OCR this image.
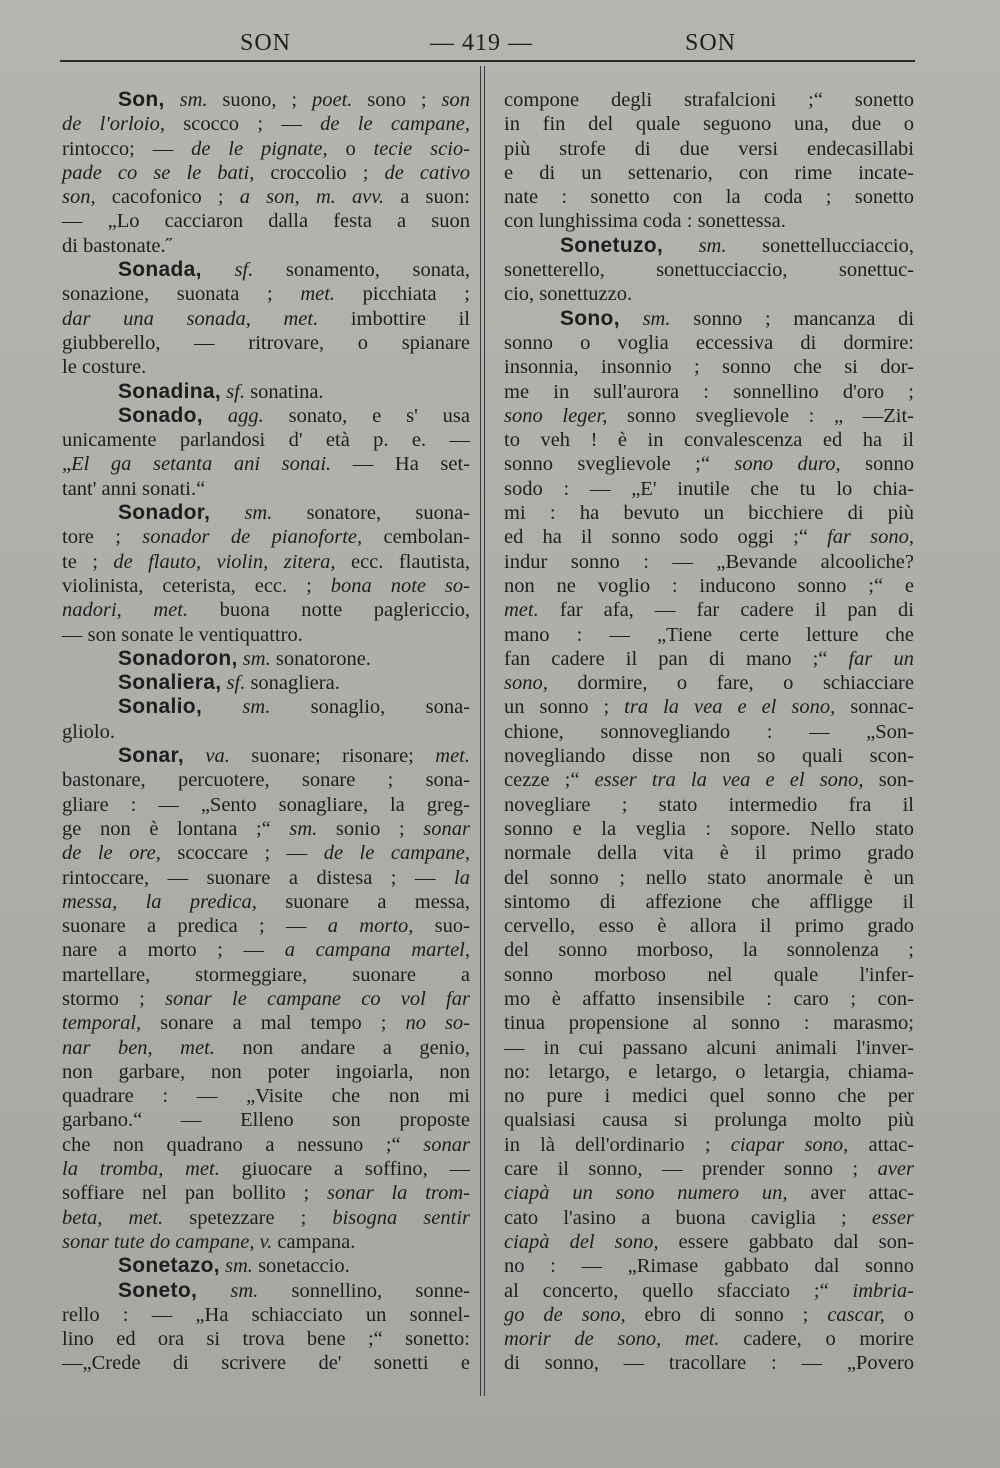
SON	— 419 —	SON
Son, sm. suono, ; poet. sono ; son
de l'orloio, scocco ; — de le campane,
rintocco; — de le pignate, o tecie scio-
pade co se le bati, croccolio ; de cativo
son, cacofonico ; a son, m. avv. a suon:
— „Lo cacciaron dalla festa a suon
di bastonate.˝
Sonada, sf. sonamento, sonata,
sonazione, suonata ; met. picchiata ;
dar una sonada, met. imbottire il
giubberello, — ritrovare, o spianare
le costure.
Sonadina, sf. sonatina.
Sonado, agg. sonato, e s' usa
unicamente parlandosi d' età p. e. —
„El ga setanta ani sonai. — Ha set-
tant' anni sonati.“
Sonador, sm. sonatore, suona-
tore ; sonador de pianoforte, cembolan-
te ; de flauto, violin, zitera, ecc. flautista,
violinista, ceterista, ecc. ; bona note so-
nadori, met. buona notte paglericcio,
— son sonate le ventiquattro.
Sonadoron, sm. sonatorone.
Sonaliera, sf. sonagliera.
Sonalio, sm. sonaglio, sona-
gliolo.
Sonar, va. suonare; risonare; met.
bastonare, percuotere, sonare ; sona-
gliare : — „Sento sonagliare, la greg-
ge non è lontana ;“ sm. sonio ; sonar
de le ore, scoccare ; — de le campane,
rintoccare, — suonare a distesa ; — la
messa, la predica, suonare a messa,
suonare a predica ; — a morto, suo-
nare a morto ; — a campana martel,
martellare, stormeggiare, suonare a
stormo ; sonar le campane co vol far
temporal, sonare a mal tempo ; no so-
nar ben, met. non andare a genio,
non garbare, non poter ingoiarla, non
quadrare : — „Visite che non mi
garbano.“ — Elleno son proposte
che non quadrano a nessuno ;“ sonar
la tromba, met. giuocare a soffino, —
soffiare nel pan bollito ; sonar la trom-
beta, met. spetezzare ; bisogna sentir
sonar tute do campane, v. campana.
Sonetazo, sm. sonetaccio.
Soneto, sm. sonnellino, sonne-
rello : — „Ha schiacciato un sonnel-
lino ed ora si trova bene ;“ sonetto:
—„Crede di scrivere de' sonetti e
compone degli strafalcioni ;“ sonetto
in fin del quale seguono una, due o
più strofe di due versi endecasillabi
e di un settenario, con rime incate-
nate : sonetto con la coda ; sonetto
con lunghissima coda : sonettessa.
Sonetuzo, sm. sonettellucciaccio,
sonetterello, sonettucciaccio, sonettuc-
cio, sonettuzzo.
Sono, sm. sonno ; mancanza di
sonno o voglia eccessiva di dormire:
insonnia, insonnio ; sonno che si dor-
me in sull'aurora : sonnellino d'oro ;
sono leger, sonno sveglievole : „ —Zit-
to veh ! è in convalescenza ed ha il
sonno sveglievole ;“ sono duro, sonno
sodo : — „E' inutile che tu lo chia-
mi : ha bevuto un bicchiere di più
ed ha il sonno sodo oggi ;“ far sono,
indur sonno : — „Bevande alcooliche?
non ne voglio : inducono sonno ;“ e
met. far afa, — far cadere il pan di
mano : — „Tiene certe letture che
fan cadere il pan di mano ;“ far un
sono, dormire, o fare, o schiacciare
un sonno ; tra la vea e el sono, sonnac-
chione, sonnovegliando : — „Son-
novegliando disse non so quali scon-
cezze ;“ esser tra la vea e el sono, son-
novegliare ; stato intermedio fra il
sonno e la veglia : sopore. Nello stato
normale della vita è il primo grado
del sonno ; nello stato anormale è un
sintomo di affezione che affligge il
cervello, esso è allora il primo grado
del sonno morboso, la sonnolenza ;
sonno morboso nel quale l'infer-
mo è affatto insensibile : caro ; con-
tinua propensione al sonno : marasmo;
— in cui passano alcuni animali l'inver-
no: letargo, e letargo, o letargia, chiama-
no pure i medici quel sonno che per
qualsiasi causa si prolunga molto più
in là dell'ordinario ; ciapar sono, attac-
care il sonno, — prender sonno ; aver
ciapà un sono numero un, aver attac-
cato l'asino a buona caviglia ; esser
ciapà del sono, essere gabbato dal son-
no : — „Rimase gabbato dal sonno
al concerto, quello sfacciato ;“ imbria-
go de sono, ebro di sonno ; cascar, o
morir de sono, met. cadere, o morire
di sonno, — tracollare : — „Povero
